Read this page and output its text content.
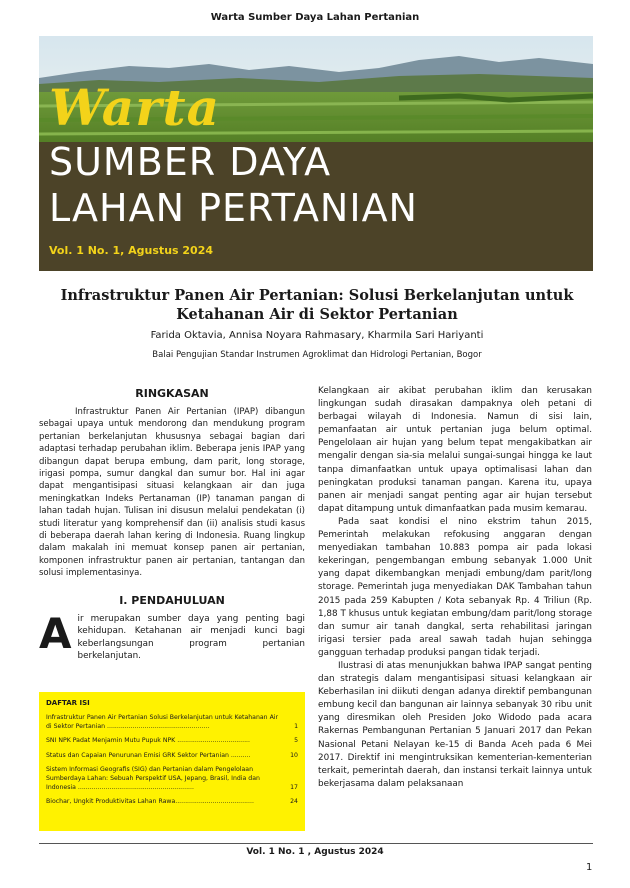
Warta Sumber Daya Lahan Pertanian
Warta
SUMBER DAYA
LAHAN PERTANIAN
Vol. 1 No. 1, Agustus 2024
Infrastruktur Panen Air Pertanian: Solusi Berkelanjutan untuk Ketahanan Air di Sektor Pertanian
Farida Oktavia, Annisa Noyara Rahmasary, Kharmila Sari Hariyanti
Balai Pengujian Standar Instrumen Agroklimat dan Hidrologi Pertanian, Bogor
RINGKASAN

Infrastruktur Panen Air Pertanian (IPAP) dibangun sebagai upaya untuk mendorong dan mendukung program pertanian berkelanjutan khususnya sebagai bagian dari adaptasi terhadap perubahan iklim. Beberapa jenis IPAP yang dibangun dapat berupa embung, dam parit, long storage, irigasi pompa, sumur dangkal dan sumur bor. Hal ini agar dapat mengantisipasi situasi kelangkaan air dan juga meningkatkan Indeks Pertanaman (IP) tanaman pangan di lahan tadah hujan. Tulisan ini disusun melalui pendekatan (i) studi literatur yang komprehensif dan (ii) analisis studi kasus di beberapa daerah lahan kering di Indonesia. Ruang lingkup dalam makalah ini memuat konsep panen air pertanian, komponen infrastruktur panen air pertanian, tantangan dan solusi implementasinya.

I. PENDAHULUAN

A ir merupakan sumber daya yang penting bagi kehidupan. Ketahanan air menjadi kunci bagi keberlangsungan program pertanian berkelanjutan.

DAFTAR ISI
Infrastruktur Panen Air Pertanian Solusi Berkelanjutan untuk Ketahanan Air di Sektor Pertanian ....................................................	1
SNI NPK Padat Menjamin Mutu Pupuk NPK .....................................	5
Status dan Capaian Penurunan Emisi GRK Sektor Pertanian ..........	10
Sistem Informasi Geografis (SIG) dan Pertanian dalam Pengelolaan Sumberdaya Lahan: Sebuah Perspektif USA, Jepang, Brasil, India dan Indonesia ...........................................................	17
Biochar, Ungkit Produktivitas Lahan Rawa........................................	24

Kelangkaan air akibat perubahan iklim dan kerusakan lingkungan sudah dirasakan dampaknya oleh petani di berbagai wilayah di Indonesia. Namun di sisi lain, pemanfaatan air untuk pertanian juga belum optimal. Pengelolaan air hujan yang belum tepat mengakibatkan air mengalir dengan sia-sia melalui sungai-sungai hingga ke laut tanpa dimanfaatkan untuk upaya optimalisasi lahan dan peningkatan produksi tanaman pangan. Karena itu, upaya panen air menjadi sangat penting agar air hujan tersebut dapat ditampung untuk dimanfaatkan pada musim kemarau.

Pada saat kondisi el nino ekstrim tahun 2015, Pemerintah melakukan refokusing anggaran dengan menyediakan tambahan 10.883 pompa air pada lokasi kekeringan, pengembangan embung sebanyak 1.000 Unit yang dapat dikembangkan menjadi embung/dam parit/long storage. Pemerintah juga menyediakan DAK Tambahan tahun 2015 pada 259 Kabupten / Kota sebanyak Rp. 4 Triliun (Rp. 1,88 T khusus untuk kegiatan embung/dam parit/long storage dan sumur air tanah dangkal, serta rehabilitasi jaringan irigasi tersier pada areal sawah tadah hujan sehingga gangguan terhadap produksi pangan tidak terjadi.

Ilustrasi di atas menunjukkan bahwa IPAP sangat penting dan strategis dalam mengantisipasi situasi kelangkaan air Keberhasilan ini diikuti dengan adanya direktif pembangunan embung kecil dan bangunan air lainnya sebanyak 30 ribu unit yang diresmikan oleh Presiden Joko Widodo pada acara Rakernas Pembangunan Pertanian 5 Januari 2017 dan Pekan Nasional Petani Nelayan ke-15 di Banda Aceh pada 6 Mei 2017. Direktif ini mengintruksikan kementerian-kementerian terkait, pemerintah daerah, dan instansi terkait lainnya untuk bekerjasama dalam pelaksanaan

Vol. 1 No. 1 , Agustus 2024
1
